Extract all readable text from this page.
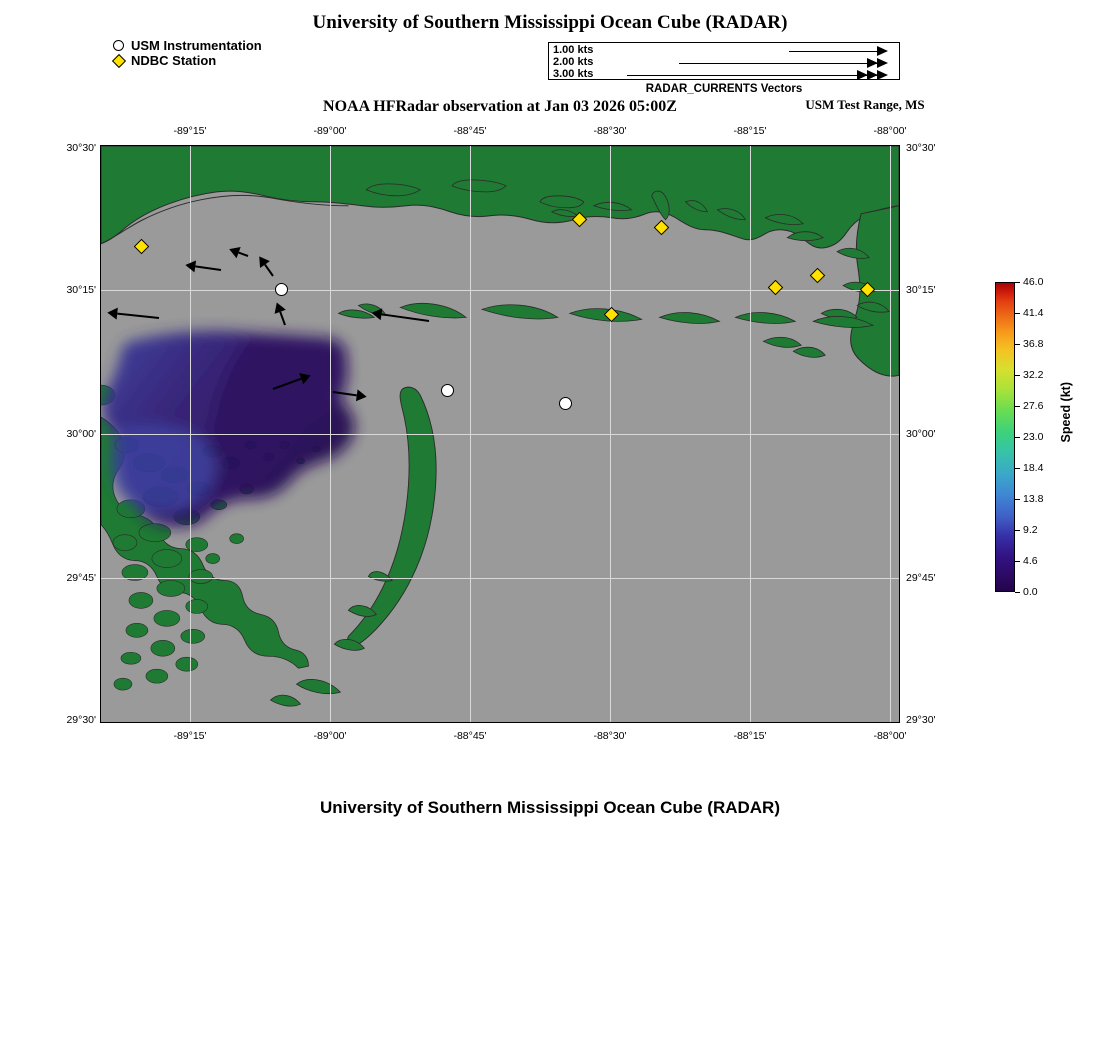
University of Southern Mississippi Ocean Cube (RADAR)
USM Instrumentation
NDBC Station
1.00 kts
2.00 kts
3.00 kts
RADAR_CURRENTS Vectors
NOAA HFRadar observation at Jan 03 2026 05:00Z	USM Test Range, MS
-89°15'	-89°00'	-88°45'	-88°30'	-88°15'	-88°00'
-89°15'	-89°00'	-88°45'	-88°30'	-88°15'	-88°00'
30°30'
30°15'
30°00'
29°45'
29°30'
30°30'
30°15'
30°00'
29°45'
29°30'
46.0
41.4
36.8
32.2
27.6
23.0
18.4
13.8
9.2
4.6
0.0
Speed (kt)
University of Southern Mississippi Ocean Cube (RADAR)
